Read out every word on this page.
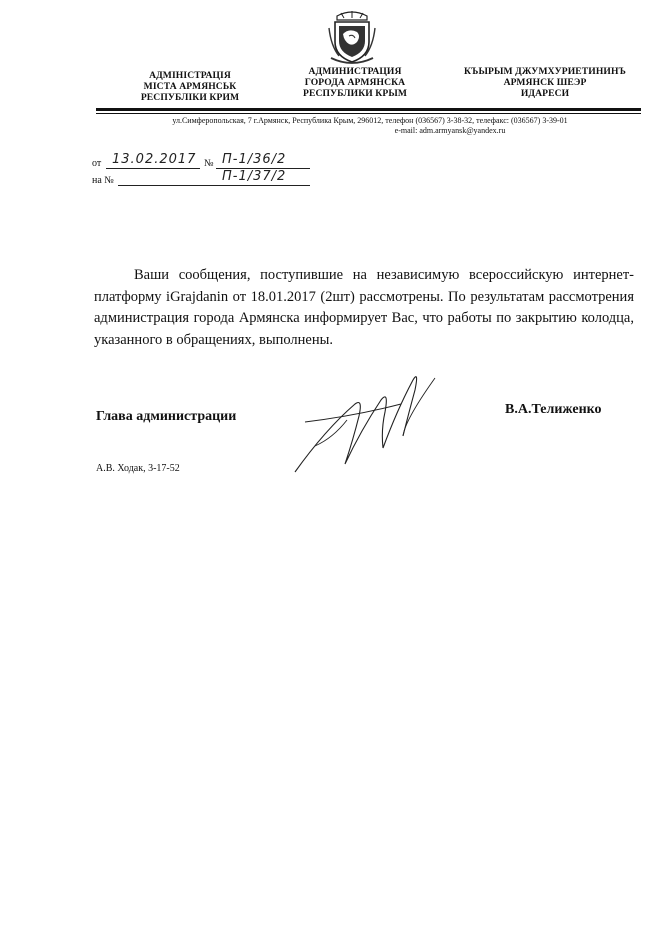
АДМІНІСТРАЦІЯ
МІСТА АРМЯНСЬК
РЕСПУБЛІКИ КРИМ
АДМИНИСТРАЦИЯ
ГОРОДА АРМЯНСКА
РЕСПУБЛИКИ КРЫМ
КЪЫРЫМ ДЖУМХУРИЕТИНИНЪ
АРМЯНСК ШЕЭР
ИДАРЕСИ
ул.Симферопольская, 7 г.Армянск, Республика Крым, 296012, телефон (036567) 3-38-32, телефакс: (036567) 3-39-01
e-mail: adm.armyansk@yandex.ru
от 13.02.2017 № П-1/36/2
на №	П-1/37/2
Ваши сообщения, поступившие на независимую всероссийскую интернет-платформу iGrajdanin от 18.01.2017 (2шт) рассмотрены. По результатам рассмотрения администрация города Армянска информирует Вас, что работы по закрытию колодца, указанного в обращениях, выполнены.
Глава администрации	В.А.Телиженко
А.В. Ходак, 3-17-52
